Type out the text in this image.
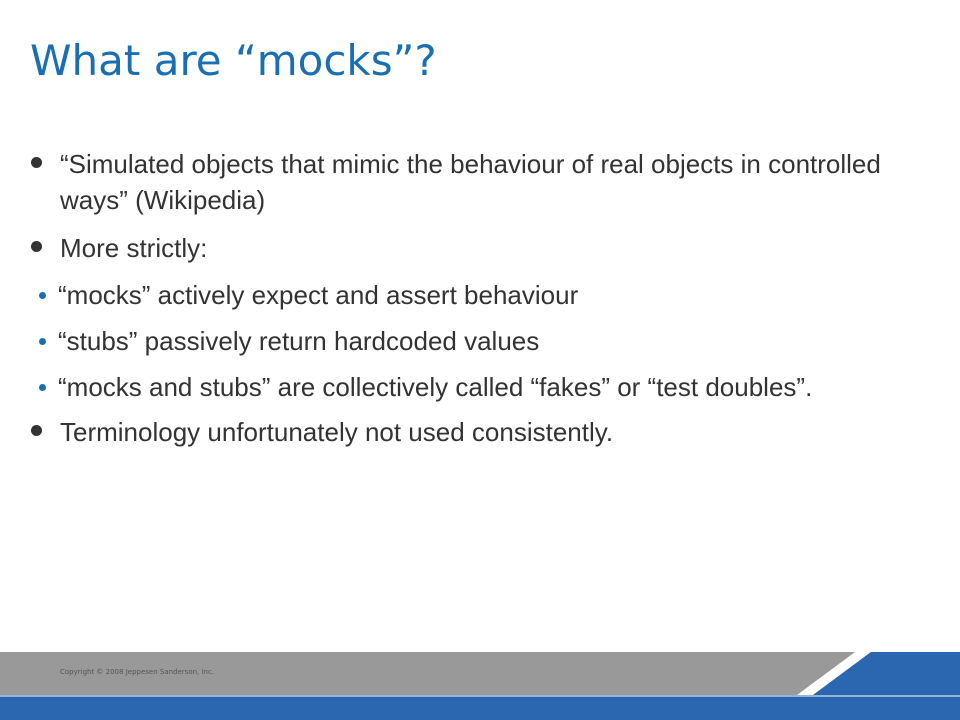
What are “mocks”?
“Simulated objects that mimic the behaviour of real objects in controlled ways” (Wikipedia)
More strictly:
“mocks” actively expect and assert behaviour
“stubs” passively return hardcoded values
“mocks and stubs” are collectively called “fakes” or “test doubles”.
Terminology unfortunately not used consistently.
Copyright © 2008 Jeppesen Sanderson, Inc.
